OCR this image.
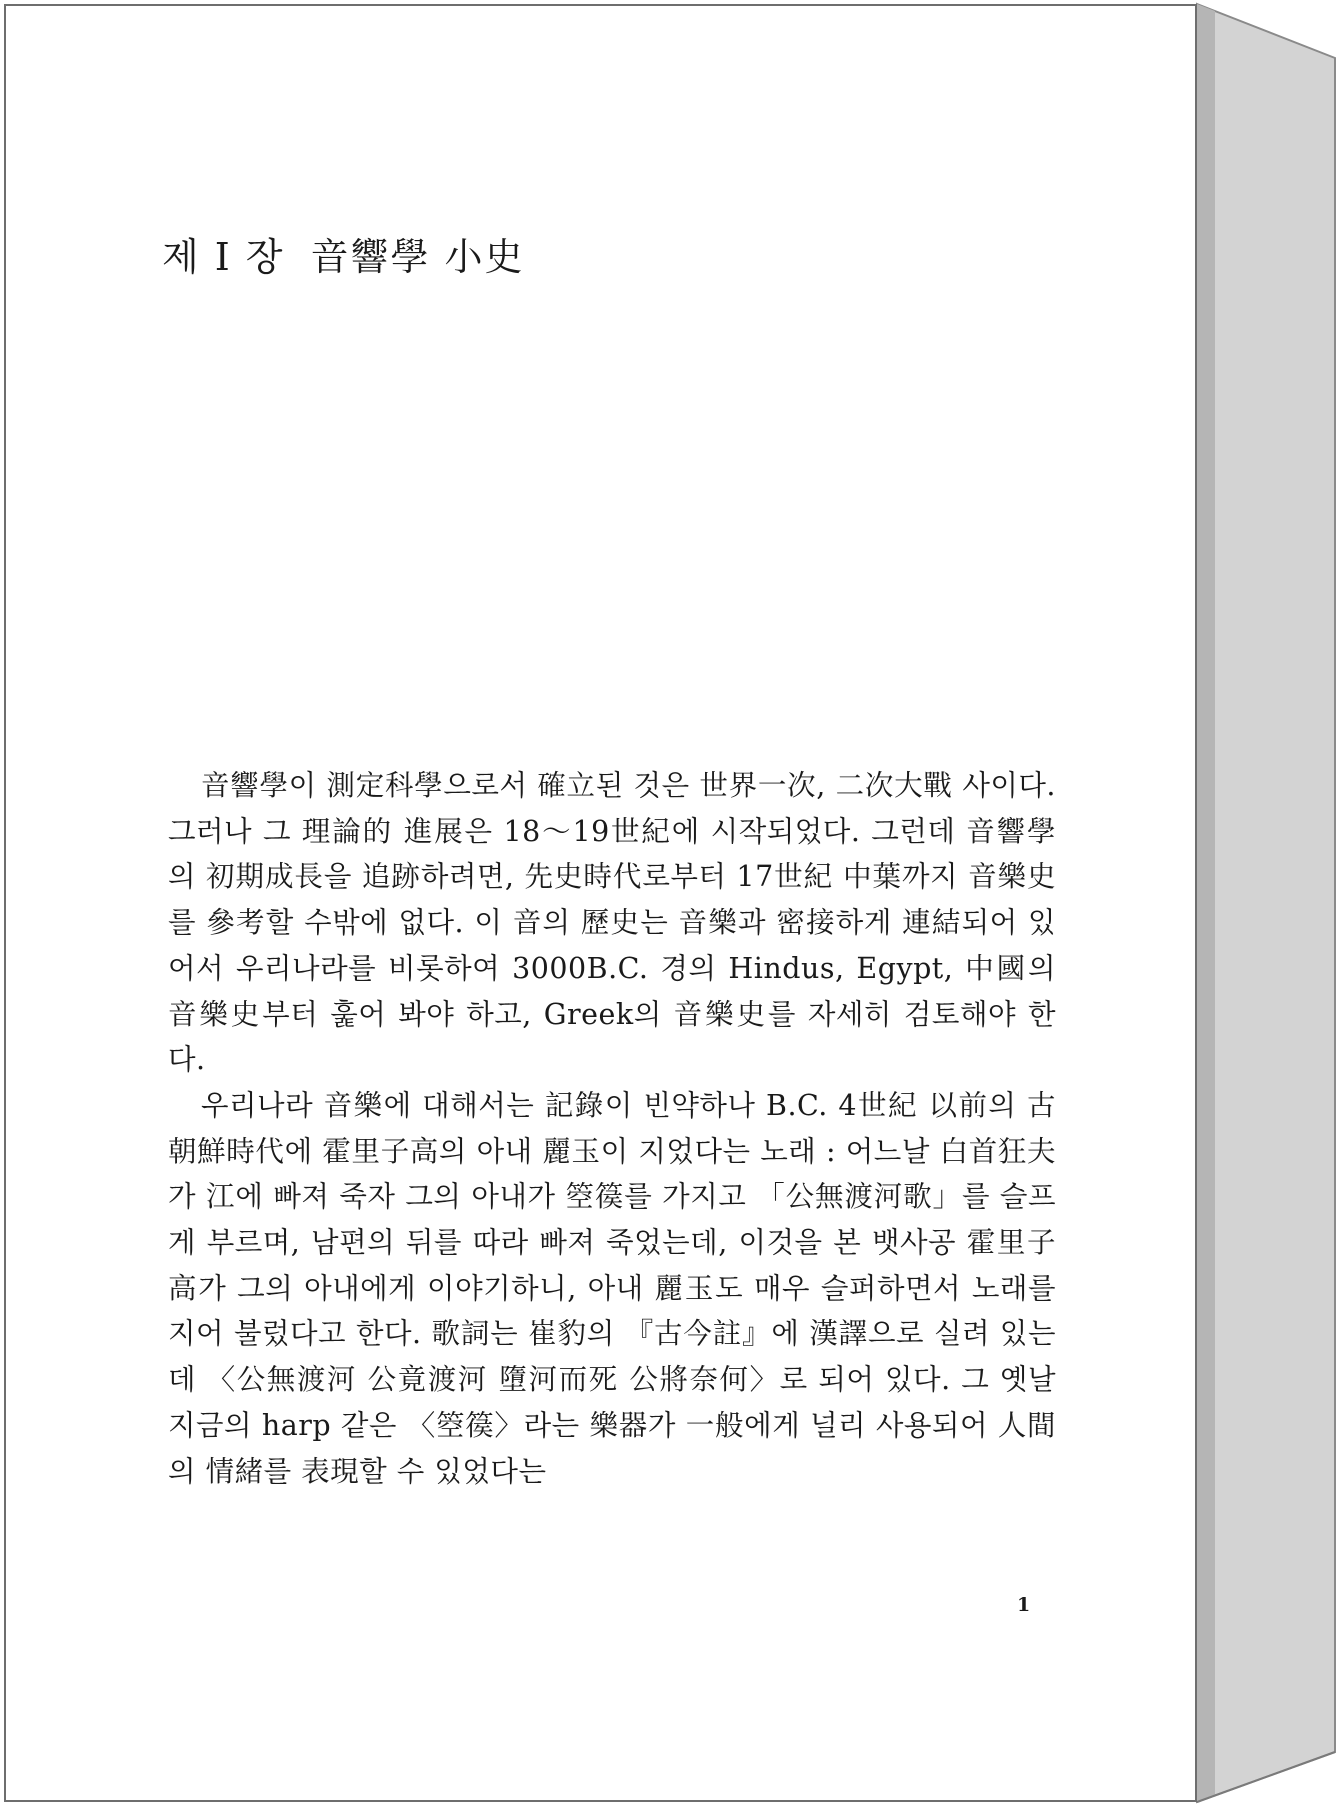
제 Ⅰ 장 音響學 小史

音響學이 測定科學으로서 確立된 것은 世界一次, 二次大戰 사이다. 그러나 그 理論的 進展은 18～19世紀에 시작되었다. 그런데 音響學의 初期成長을 追跡하려면, 先史時代로부터 17世紀 中葉까지 音樂史를 參考할 수밖에 없다. 이 音의 歷史는 音樂과 密接하게 連結되어 있어서 우리나라를 비롯하여 3000B.C. 경의 Hindus, Egypt, 中國의 音樂史부터 훑어 봐야 하고, Greek의 音樂史를 자세히 검토해야 한다.

우리나라 音樂에 대해서는 記錄이 빈약하나 B.C. 4世紀 以前의 古朝鮮時代에 霍里子高의 아내 麗玉이 지었다는 노래 : 어느날 白首狂夫가 江에 빠져 죽자 그의 아내가 箜篌를 가지고 「公無渡河歌」를 슬프게 부르며, 남편의 뒤를 따라 빠져 죽었는데, 이것을 본 뱃사공 霍里子高가 그의 아내에게 이야기하니, 아내 麗玉도 매우 슬퍼하면서 노래를 지어 불렀다고 한다. 歌詞는 崔豹의 『古今註』에 漢譯으로 실려 있는데 〈公無渡河 公竟渡河 墮河而死 公將奈何〉로 되어 있다. 그 옛날 지금의 harp 같은 〈箜篌〉라는 樂器가 一般에게 널리 사용되어 人間의 情緒를 表現할 수 있었다는

1
